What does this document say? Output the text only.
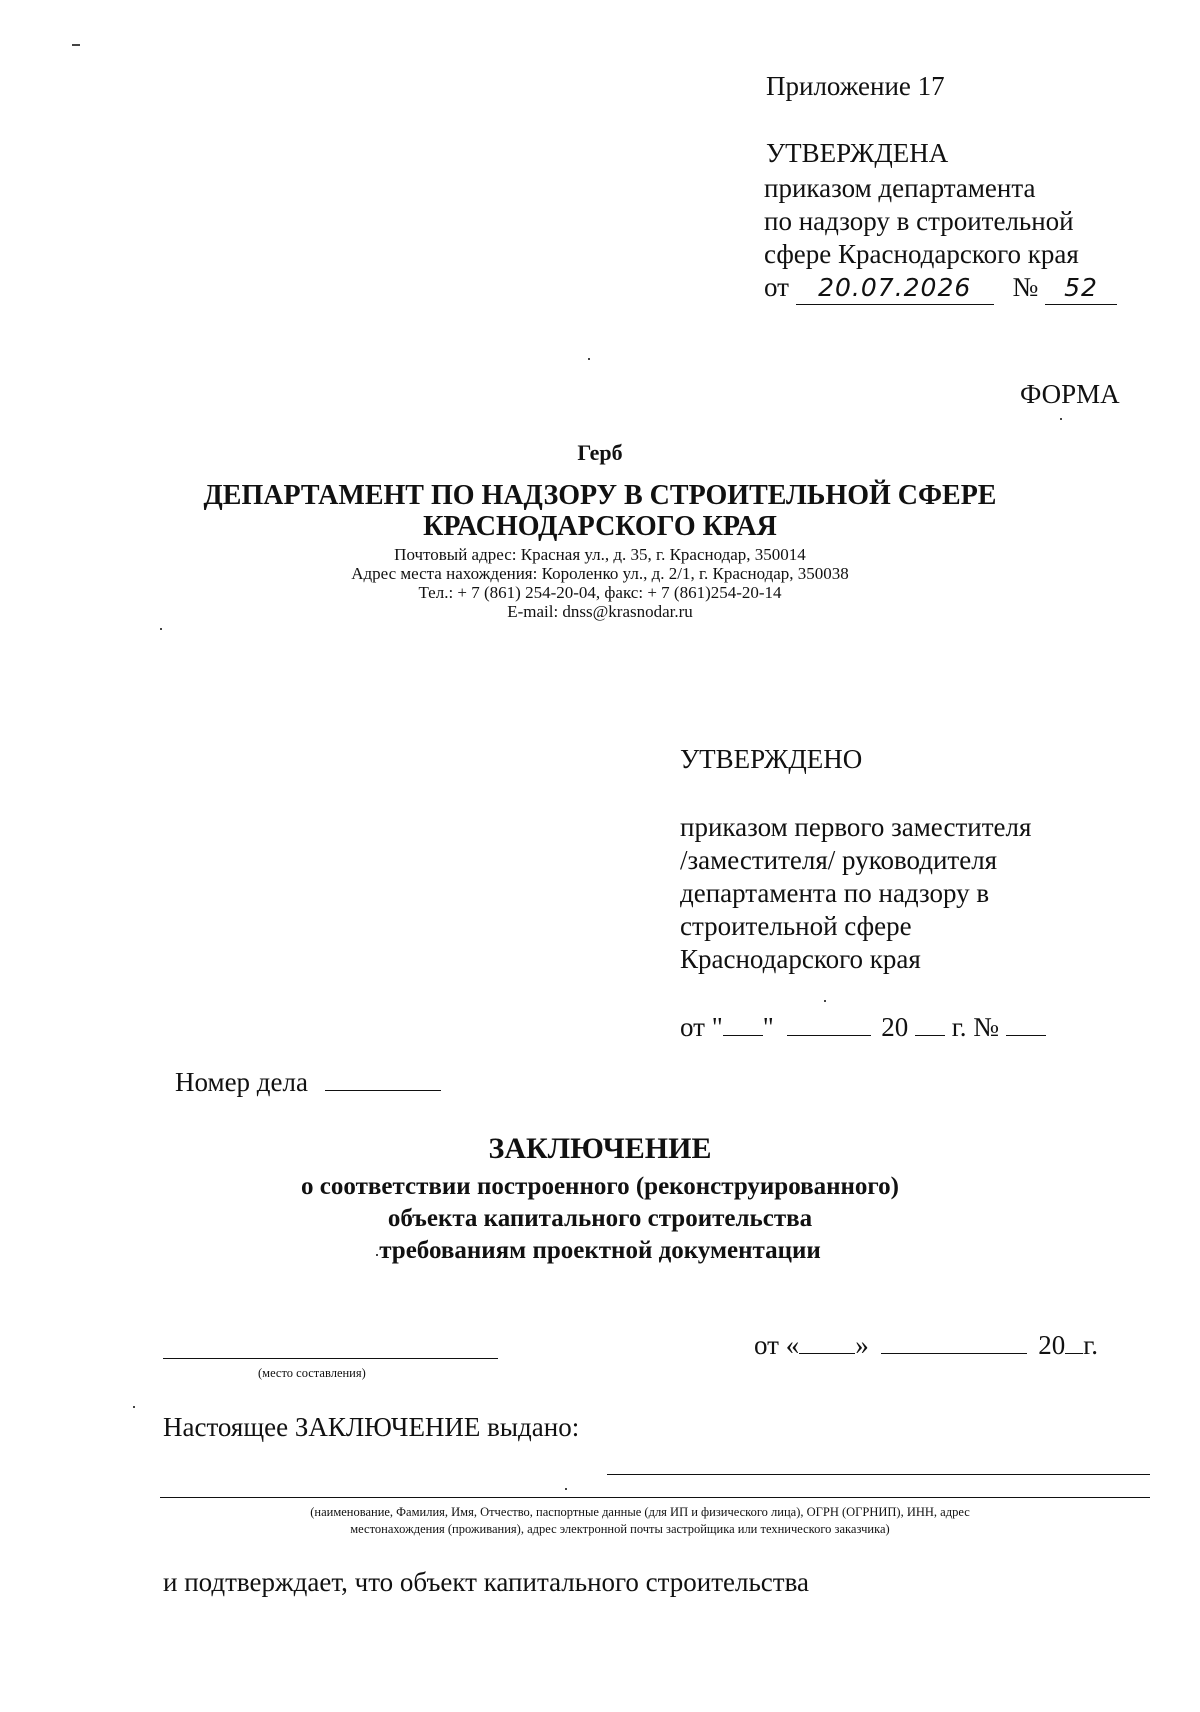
Приложение 17
УТВЕРЖДЕНА
приказом департамента
по надзору в строительной
сфере Краснодарского края
от 20.07.2026 № 52
ФОРМА
Герб
ДЕПАРТАМЕНТ ПО НАДЗОРУ В СТРОИТЕЛЬНОЙ СФЕРЕ
КРАСНОДАРСКОГО КРАЯ
Почтовый адрес: Красная ул., д. 35, г. Краснодар, 350014
Адрес места нахождения: Короленко ул., д. 2/1, г. Краснодар, 350038
Тел.: + 7 (861) 254-20-04, факс: + 7 (861)254-20-14
E-mail: dnss@krasnodar.ru
УТВЕРЖДЕНО
приказом первого заместителя
/заместителя/ руководителя
департамента по надзору в
строительной сфере
Краснодарского края
от " "	20 г. №
Номер дела
ЗАКЛЮЧЕНИЕ
о соответствии построенного (реконструированного)
объекта капитального строительства
требованиям проектной документации
(место составления)
от « »	20 г.
Настоящее ЗАКЛЮЧЕНИЕ выдано:
(наименование, Фамилия, Имя, Отчество, паспортные данные (для ИП и физического лица), ОГРН (ОГРНИП), ИНН, адрес
местонахождения (проживания), адрес электронной почты застройщика или технического заказчика)
и подтверждает, что объект капитального строительства
